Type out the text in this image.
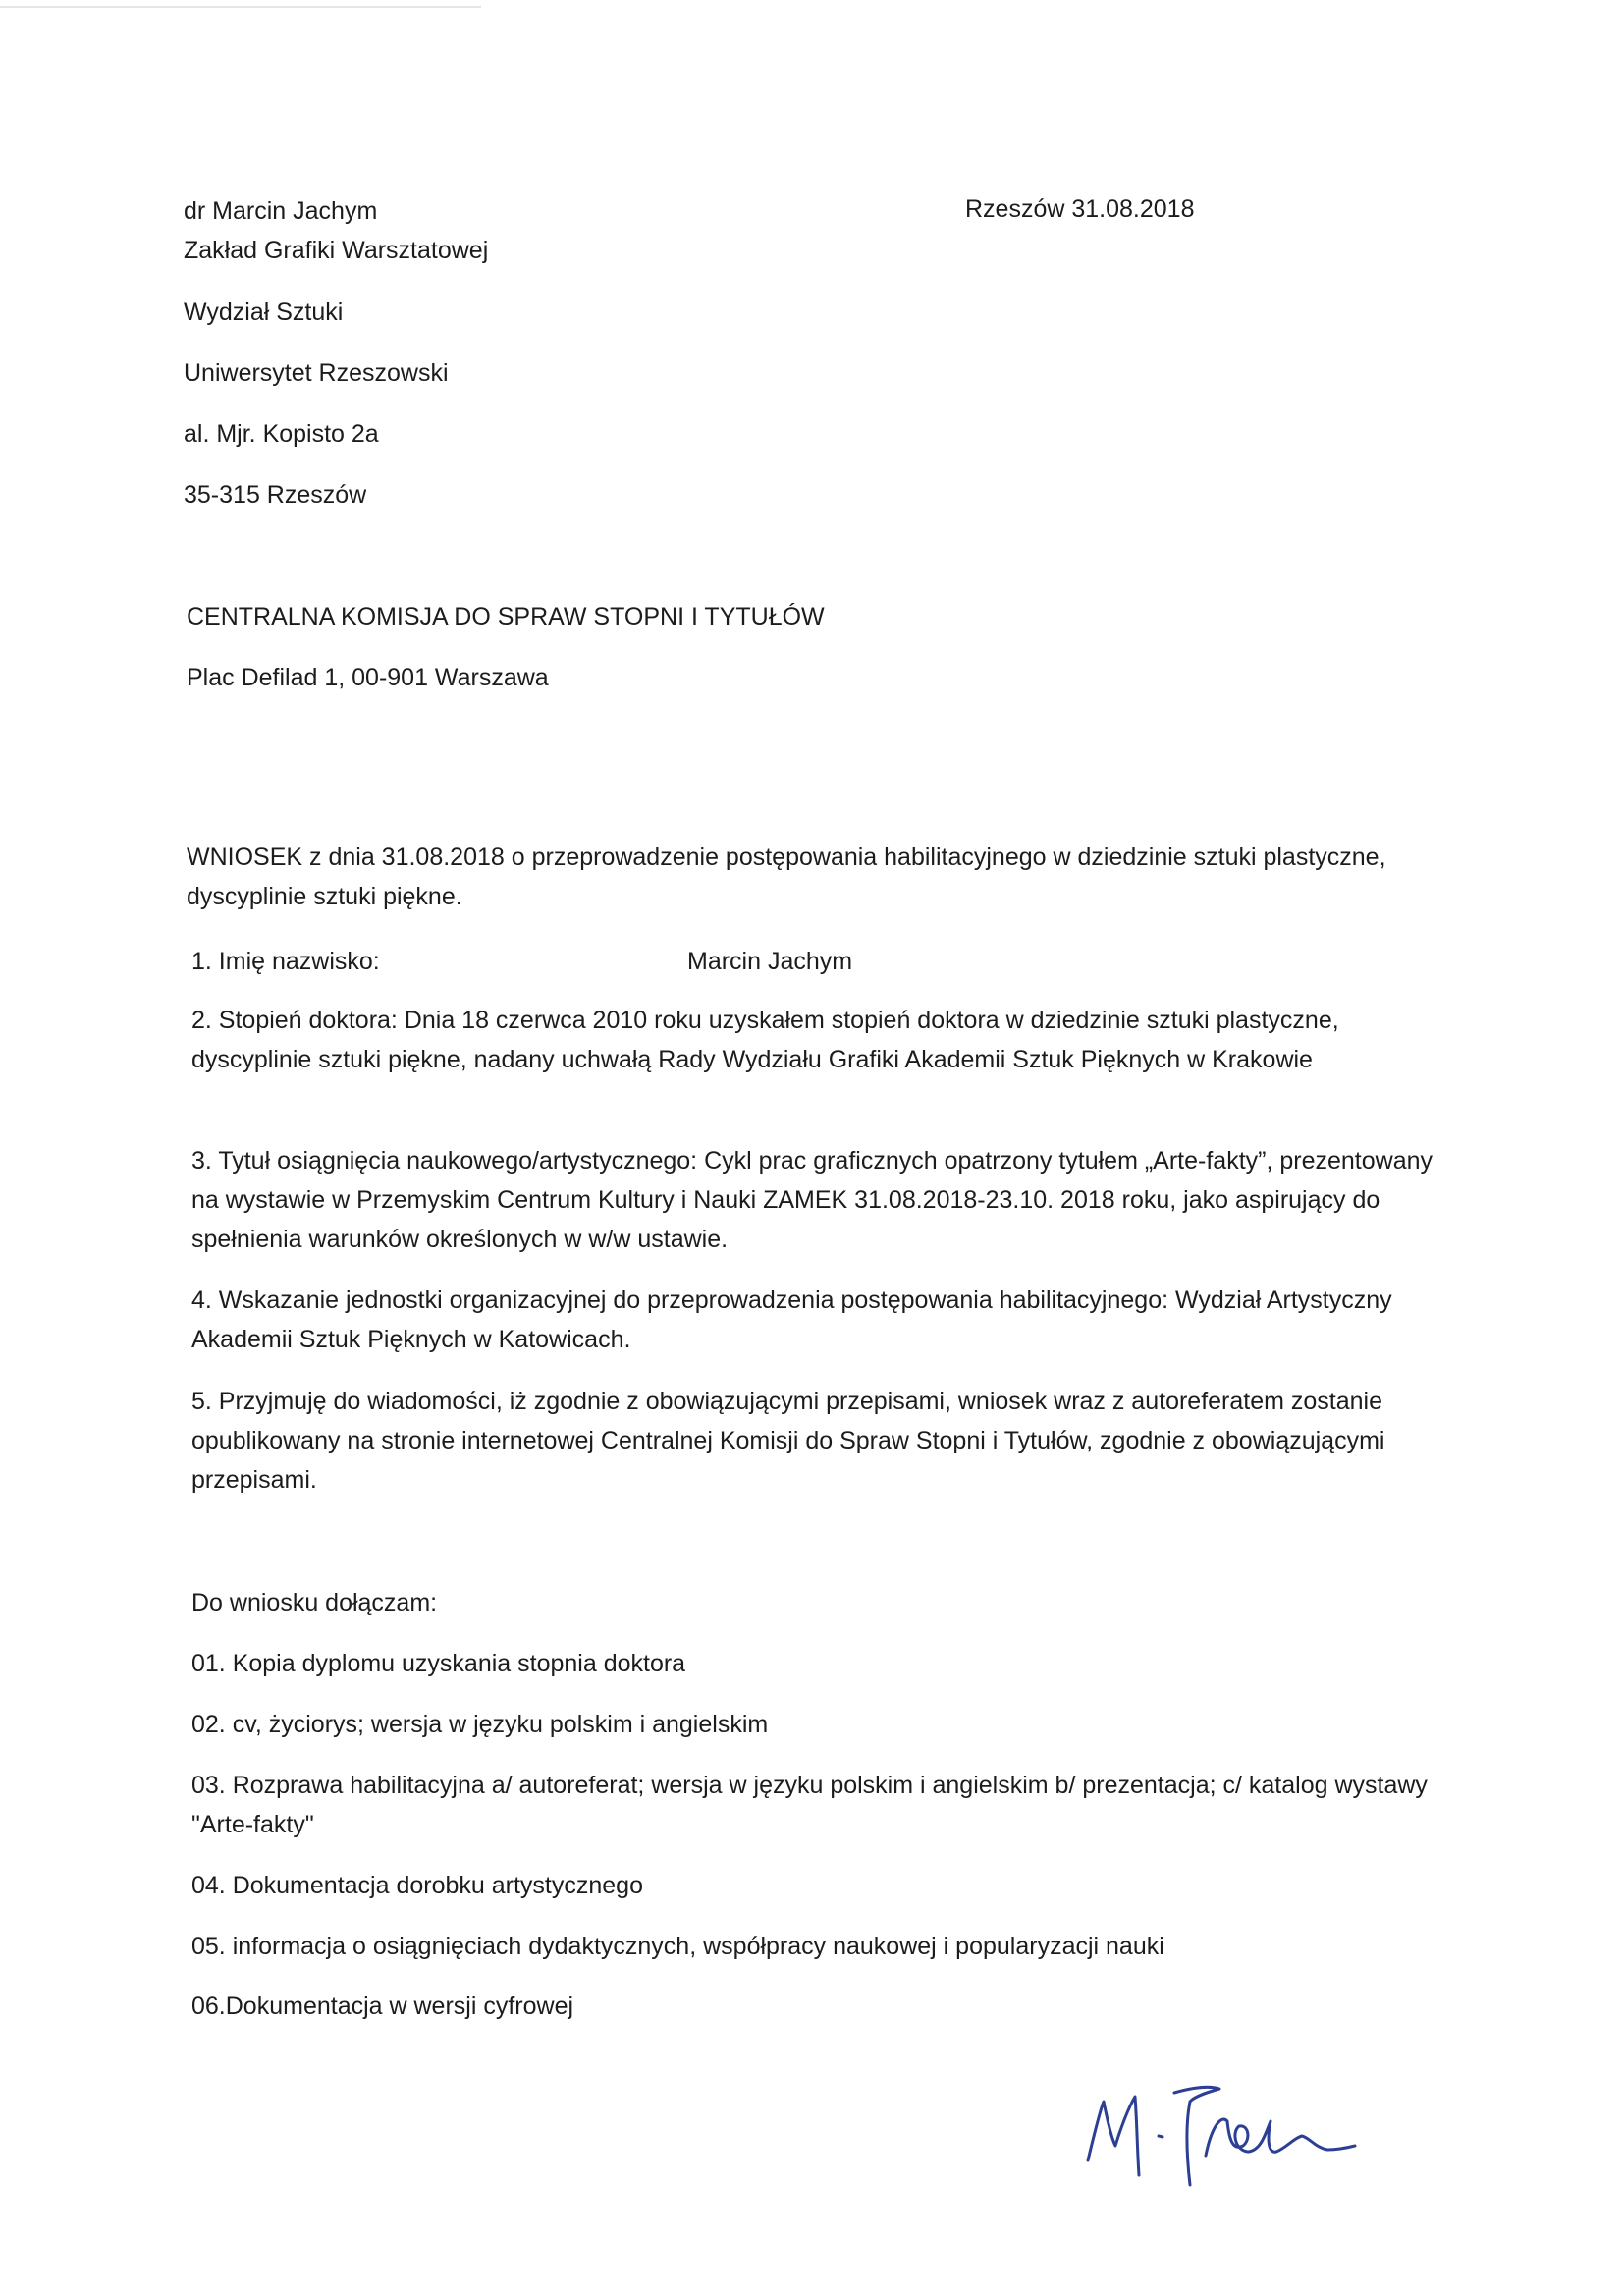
dr Marcin Jachym

Zakład Grafiki Warsztatowej

Wydział Sztuki

Uniwersytet Rzeszowski

al. Mjr. Kopisto 2a

35-315 Rzeszów

Rzeszów 31.08.2018

CENTRALNA KOMISJA DO SPRAW STOPNI I TYTUŁÓW

Plac Defilad 1, 00-901 Warszawa

WNIOSEK z dnia 31.08.2018 o przeprowadzenie postępowania habilitacyjnego w dziedzinie sztuki plastyczne, dyscyplinie sztuki piękne.

1. Imię nazwisko:	Marcin Jachym

2. Stopień doktora: Dnia 18 czerwca 2010 roku uzyskałem stopień doktora w dziedzinie sztuki plastyczne, dyscyplinie sztuki piękne, nadany uchwałą Rady Wydziału Grafiki Akademii Sztuk Pięknych w Krakowie

3. Tytuł osiągnięcia naukowego/artystycznego: Cykl prac graficznych opatrzony tytułem „Arte-fakty”, prezentowany na wystawie w Przemyskim Centrum Kultury i Nauki ZAMEK 31.08.2018-23.10. 2018 roku, jako aspirujący do spełnienia warunków określonych w w/w ustawie.

4. Wskazanie jednostki organizacyjnej do przeprowadzenia postępowania habilitacyjnego: Wydział Artystyczny Akademii Sztuk Pięknych w Katowicach.

5. Przyjmuję do wiadomości, iż zgodnie z obowiązującymi przepisami, wniosek wraz z autoreferatem zostanie opublikowany na stronie internetowej Centralnej Komisji do Spraw Stopni i Tytułów, zgodnie z obowiązującymi przepisami.

Do wniosku dołączam:

01. Kopia dyplomu uzyskania stopnia doktora

02. cv, życiorys; wersja w języku polskim i angielskim

03. Rozprawa habilitacyjna a/ autoreferat; wersja w języku polskim i angielskim b/ prezentacja; c/ katalog wystawy "Arte-fakty"

04. Dokumentacja dorobku artystycznego

05. informacja o osiągnięciach dydaktycznych, współpracy naukowej i popularyzacji nauki

06.Dokumentacja w wersji cyfrowej
